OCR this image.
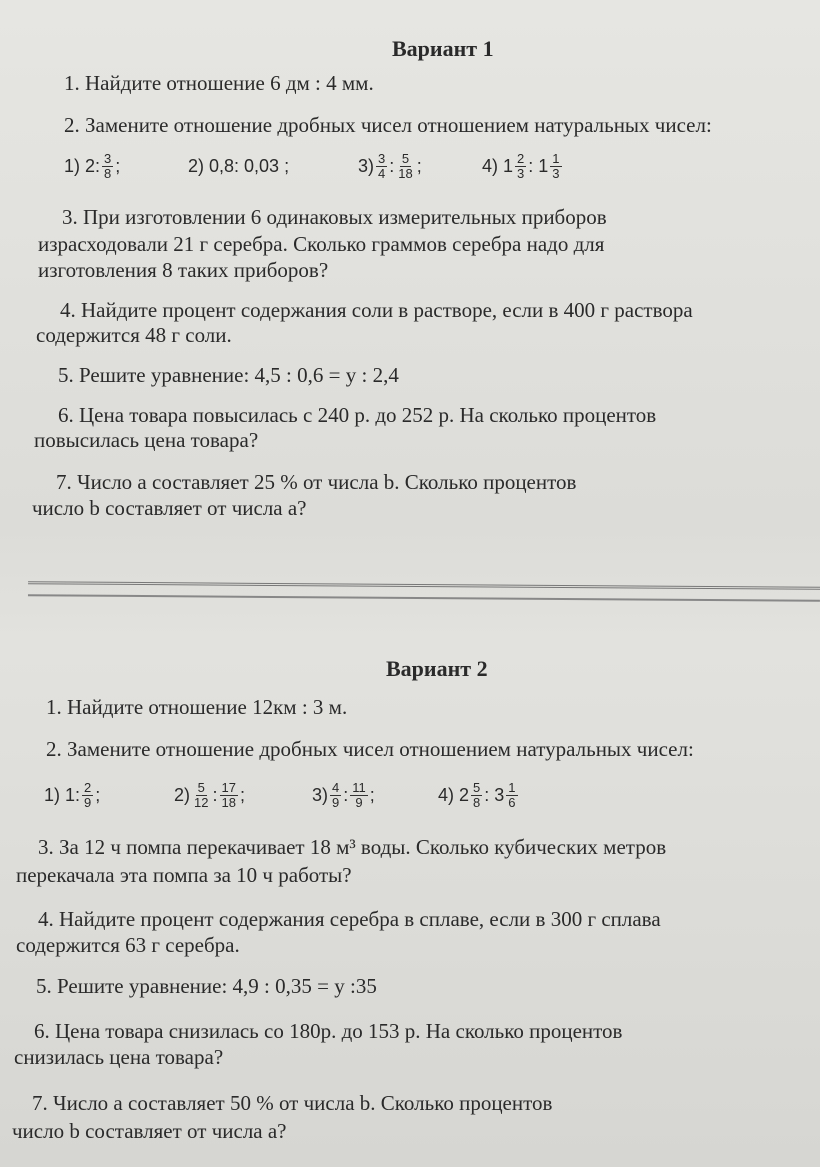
Вариант 1
1. Найдите отношение 6 дм : 4 мм.
2. Замените отношение дробных чисел отношением натуральных чисел:
1) 2: $\frac{3}{8}$ ;	2) 0,8: 0,03 ;	$3) \frac{3}{4}$ : $\frac{5}{18}$ ;	4) $1 \frac{2}{3}$ : $1 \frac{1}{3}$
3. При изготовлении 6 одинаковых измерительных приборов
израсходовали 21 г серебра. Сколько граммов серебра надо для
изготовления 8 таких приборов?
4. Найдите процент содержания соли в растворе, если в 400 г раствора
содержится 48 г соли.
5. Решите уравнение: 4,5 : 0,6 = y : 2,4
6. Цена товара повысилась с 240 р. до 252 р. На сколько процентов
повысилась цена товара?
7. Число a составляет 25 % от числа b. Сколько процентов
число b составляет от числа a?
Вариант 2
1. Найдите отношение 12км : 3 м.
2. Замените отношение дробных чисел отношением натуральных чисел:
1) 1: $\frac{2}{9}$ ;	$2) \frac{5}{12}$ : $\frac{17}{18}$ ;	$3) \frac{4}{9}$ : $\frac{11}{9}$ ;	4) $2 \frac{5}{8}$ : $3 \frac{1}{6}$
3. За 12 ч помпа перекачивает 18 м³ воды. Сколько кубических метров
перекачала эта помпа за 10 ч работы?
4. Найдите процент содержания серебра в сплаве, если в 300 г сплава
содержится 63 г серебра.
5. Решите уравнение: 4,9 : 0,35 = y :35
6. Цена товара снизилась со 180р. до 153 р. На сколько процентов
снизилась цена товара?
7. Число a составляет 50 % от числа b. Сколько процентов
число b составляет от числа a?
